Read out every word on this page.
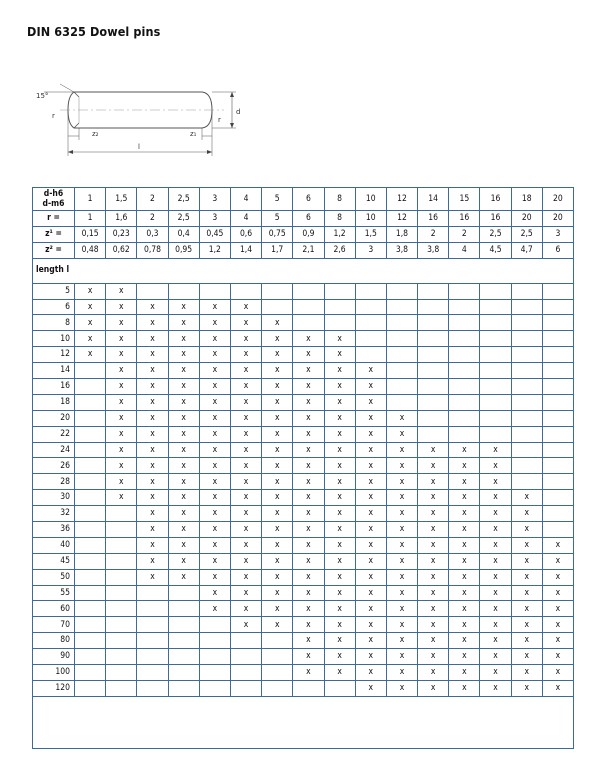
DIN 6325 Dowel pins
15°
r	d
r
z₂	z₁
l
d-h6
d-m6	1	1,5	2	2,5	3	4	5	6	8	10	12	14	15	16	18	20
r =	1	1,6	2	2,5	3	4	5	6	8	10	12	16	16	16	20	20
z¹ =	0,15	0,23	0,3	0,4	0,45	0,6	0,75	0,9	1,2	1,5	1,8	2	2	2,5	2,5	3
z² =	0,48	0,62	0,78	0,95	1,2	1,4	1,7	2,1	2,6	3	3,8	3,8	4	4,5	4,7	6
length l																
5	x	x														
6	x	x	x	x	x	x										
8	x	x	x	x	x	x	x									
10	x	x	x	x	x	x	x	x	x							
12	x	x	x	x	x	x	x	x	x							
14		x	x	x	x	x	x	x	x	x						
16		x	x	x	x	x	x	x	x	x						
18		x	x	x	x	x	x	x	x	x						
20		x	x	x	x	x	x	x	x	x	x					
22		x	x	x	x	x	x	x	x	x	x					
24		x	x	x	x	x	x	x	x	x	x	x	x	x		
26		x	x	x	x	x	x	x	x	x	x	x	x	x		
28		x	x	x	x	x	x	x	x	x	x	x	x	x		
30		x	x	x	x	x	x	x	x	x	x	x	x	x	x	
32			x	x	x	x	x	x	x	x	x	x	x	x	x	
36			x	x	x	x	x	x	x	x	x	x	x	x	x	
40			x	x	x	x	x	x	x	x	x	x	x	x	x	x
45			x	x	x	x	x	x	x	x	x	x	x	x	x	x
50			x	x	x	x	x	x	x	x	x	x	x	x	x	x
55					x	x	x	x	x	x	x	x	x	x	x	x
60					x	x	x	x	x	x	x	x	x	x	x	x
70						x	x	x	x	x	x	x	x	x	x	x
80								x	x	x	x	x	x	x	x	x
90								x	x	x	x	x	x	x	x	x
100								x	x	x	x	x	x	x	x	x
120										x	x	x	x	x	x	x
